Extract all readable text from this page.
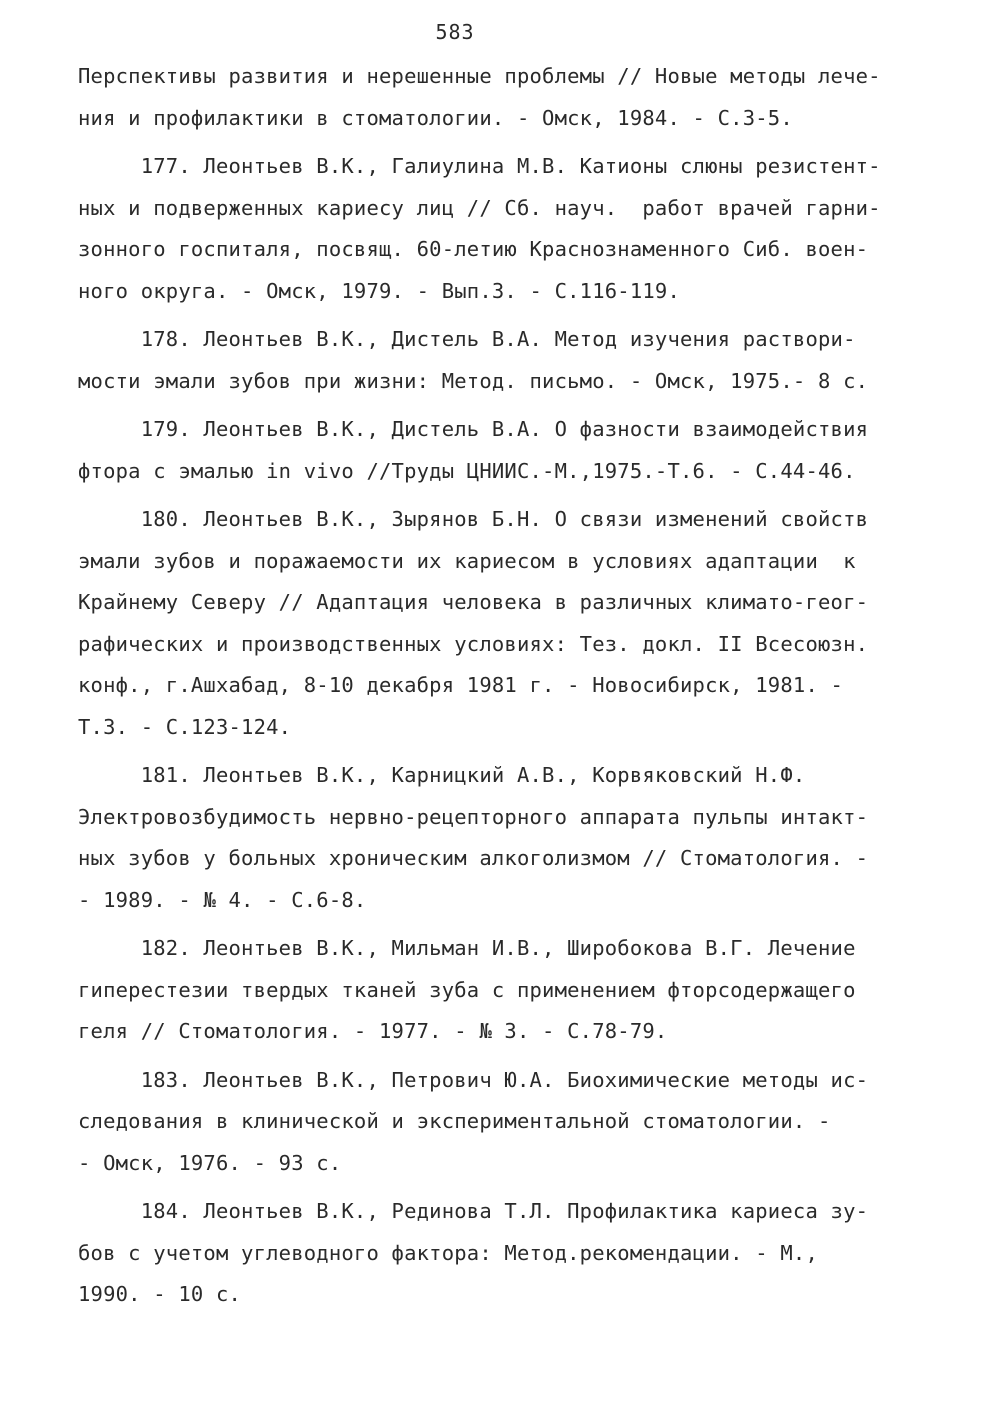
583
Перспективы развития и нерешенные проблемы // Новые методы лече-
ния и профилактики в стоматологии. - Омск, 1984. - С.3-5.
177. Леонтьев В.К., Галиулина М.В. Катионы слюны резистент-
ных и подверженных кариесу лиц // Сб. науч.  работ врачей гарни-
зонного госпиталя, посвящ. 60-летию Краснознаменного Сиб. воен-
ного округа. - Омск, 1979. - Вып.3. - С.116-119.
178. Леонтьев В.К., Дистель В.А. Метод изучения раствори-
мости эмали зубов при жизни: Метод. письмо. - Омск, 1975.- 8 с.
179. Леонтьев В.К., Дистель В.А. О фазности взаимодействия
фтора с эмалью in vivo //Труды ЦНИИС.-М.,1975.-Т.6. - С.44-46.
180. Леонтьев В.К., Зырянов Б.Н. О связи изменений свойств
эмали зубов и поражаемости их кариесом в условиях адаптации  к
Крайнему Северу // Адаптация человека в различных климато-геог-
рафических и производственных условиях: Тез. докл. II Всесоюзн.
конф., г.Ашхабад, 8-10 декабря 1981 г. - Новосибирск, 1981. -
Т.3. - С.123-124.
181. Леонтьев В.К., Карницкий А.В., Корвяковский Н.Ф.
Электровозбудимость нервно-рецепторного аппарата пульпы интакт-
ных зубов у больных хроническим алкоголизмом // Стоматология. -
- 1989. - № 4. - С.6-8.
182. Леонтьев В.К., Мильман И.В., Широбокова В.Г. Лечение
гиперестезии твердых тканей зуба с применением фторсодержащего
геля // Стоматология. - 1977. - № 3. - С.78-79.
183. Леонтьев В.К., Петрович Ю.А. Биохимические методы ис-
следования в клинической и экспериментальной стоматологии. -
- Омск, 1976. - 93 с.
184. Леонтьев В.К., Рединова Т.Л. Профилактика кариеса зу-
бов с учетом углеводного фактора: Метод.рекомендации. - М.,
1990. - 10 с.
